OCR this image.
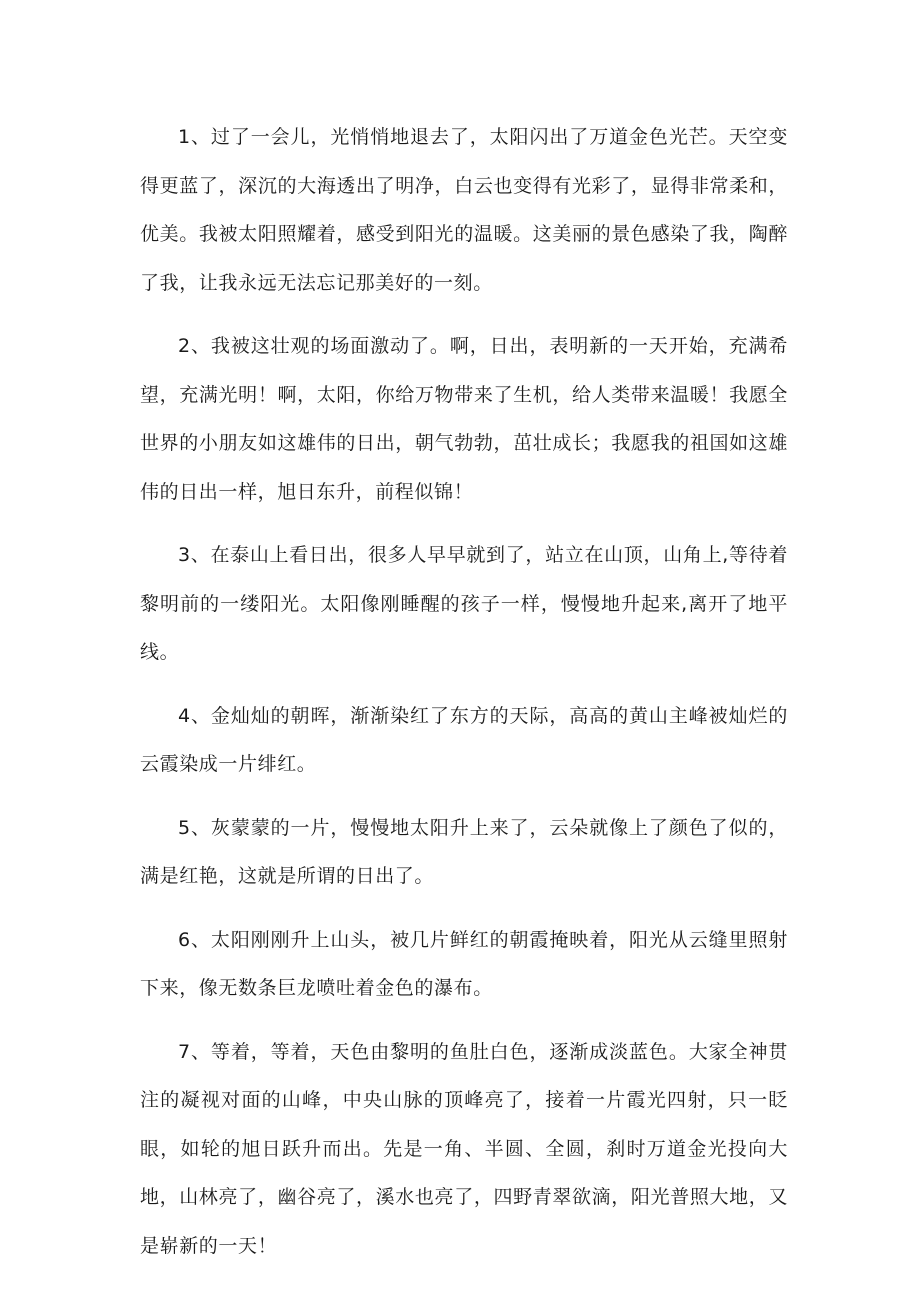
1、过了一会儿，光悄悄地退去了，太阳闪出了万道金色光芒。天空变得更蓝了，深沉的大海透出了明净，白云也变得有光彩了，显得非常柔和，优美。我被太阳照耀着，感受到阳光的温暖。这美丽的景色感染了我，陶醉了我，让我永远无法忘记那美好的一刻。

2、我被这壮观的场面激动了。啊，日出，表明新的一天开始，充满希望，充满光明！啊，太阳，你给万物带来了生机，给人类带来温暖！我愿全世界的小朋友如这雄伟的日出，朝气勃勃，茁壮成长；我愿我的祖国如这雄伟的日出一样，旭日东升，前程似锦！

3、在泰山上看日出，很多人早早就到了，站立在山顶，山角上,等待着黎明前的一缕阳光。太阳像刚睡醒的孩子一样，慢慢地升起来,离开了地平线。

4、金灿灿的朝晖，渐渐染红了东方的天际，高高的黄山主峰被灿烂的云霞染成一片绯红。

5、灰蒙蒙的一片，慢慢地太阳升上来了，云朵就像上了颜色了似的，满是红艳，这就是所谓的日出了。

6、太阳刚刚升上山头，被几片鲜红的朝霞掩映着，阳光从云缝里照射下来，像无数条巨龙喷吐着金色的瀑布。

7、等着，等着，天色由黎明的鱼肚白色，逐渐成淡蓝色。大家全神贯注的凝视对面的山峰，中央山脉的顶峰亮了，接着一片霞光四射，只一眨眼，如轮的旭日跃升而出。先是一角、半圆、全圆，刹时万道金光投向大地，山林亮了，幽谷亮了，溪水也亮了，四野青翠欲滴，阳光普照大地，又是崭新的一天！
